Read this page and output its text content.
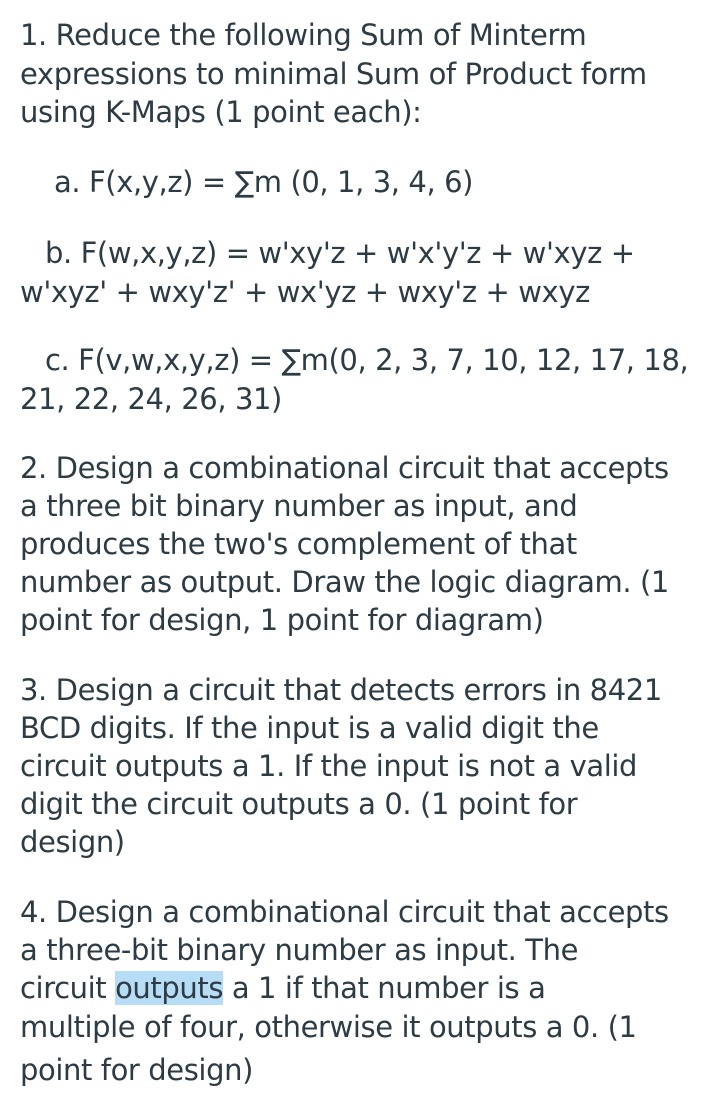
1. Reduce the following Sum of Minterm
expressions to minimal Sum of Product form
using K-Maps (1 point each):
a. F(x,y,z) = ∑m (0, 1, 3, 4, 6)
b. F(w,x,y,z) = w'xy'z + w'x'y'z + w'xyz +
w'xyz' + wxy'z' + wx'yz + wxy'z + wxyz
c. F(v,w,x,y,z) = ∑m(0, 2, 3, 7, 10, 12, 17, 18,
21, 22, 24, 26, 31)
2. Design a combinational circuit that accepts
a three bit binary number as input, and
produces the two's complement of that
number as output. Draw the logic diagram. (1
point for design, 1 point for diagram)
3. Design a circuit that detects errors in 8421
BCD digits. If the input is a valid digit the
circuit outputs a 1. If the input is not a valid
digit the circuit outputs a 0. (1 point for
design)
4. Design a combinational circuit that accepts
a three-bit binary number as input. The
circuit outputs a 1 if that number is a
multiple of four, otherwise it outputs a 0. (1
point for design)
